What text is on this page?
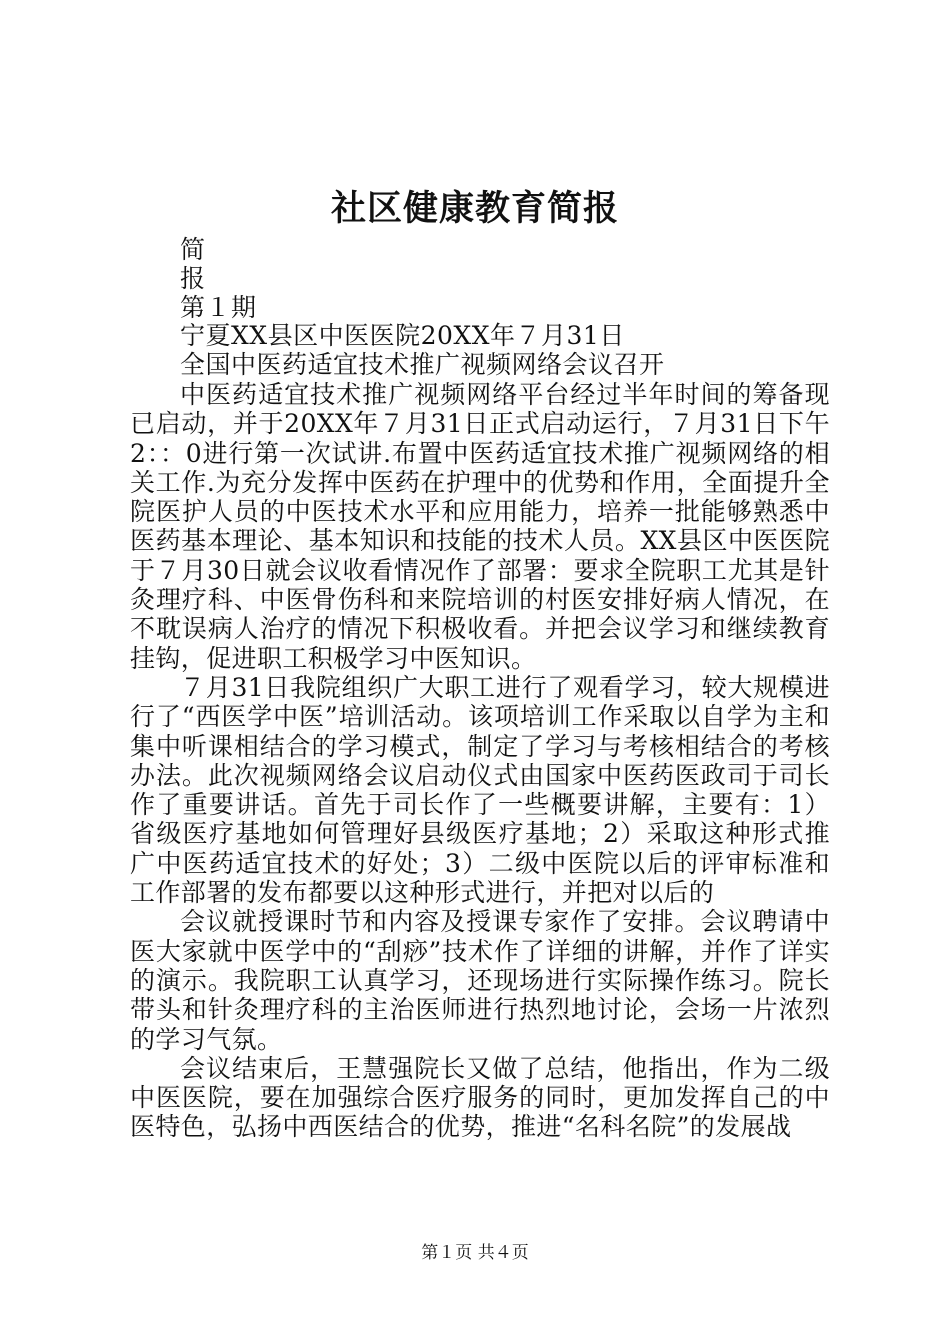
社区健康教育简报
简
报
第１期
宁夏XX县区中医医院20XX年７月31日
全国中医药适宜技术推广视频网络会议召开
中医药适宜技术推广视频网络平台经过半年时间的筹备现已启动，并于20XX年７月31日正式启动运行，７月31日下午2：：0进行第一次试讲.布置中医药适宜技术推广视频网络的相关工作.为充分发挥中医药在护理中的优势和作用，全面提升全院医护人员的中医技术水平和应用能力，培养一批能够熟悉中医药基本理论、基本知识和技能的技术人员。XX县区中医医院于７月30日就会议收看情况作了部署：要求全院职工尤其是针灸理疗科、中医骨伤科和来院培训的村医安排好病人情况，在不耽误病人治疗的情况下积极收看。并把会议学习和继续教育挂钩，促进职工积极学习中医知识。
７月31日我院组织广大职工进行了观看学习，较大规模进行了“西医学中医”培训活动。该项培训工作采取以自学为主和集中听课相结合的学习模式，制定了学习与考核相结合的考核办法。此次视频网络会议启动仪式由国家中医药医政司于司长作了重要讲话。首先于司长作了一些概要讲解，主要有：1）省级医疗基地如何管理好县级医疗基地；2）采取这种形式推广中医药适宜技术的好处；3）二级中医院以后的评审标准和工作部署的发布都要以这种形式进行，并把对以后的
会议就授课时节和内容及授课专家作了安排。会议聘请中医大家就中医学中的“刮痧”技术作了详细的讲解，并作了详实的演示。我院职工认真学习，还现场进行实际操作练习。院长带头和针灸理疗科的主治医师进行热烈地讨论，会场一片浓烈的学习气氛。
会议结束后，王慧强院长又做了总结，他指出，作为二级中医医院，要在加强综合医疗服务的同时，更加发挥自己的中医特色，弘扬中西医结合的优势，推进“名科名院”的发展战
第１页 共４页
